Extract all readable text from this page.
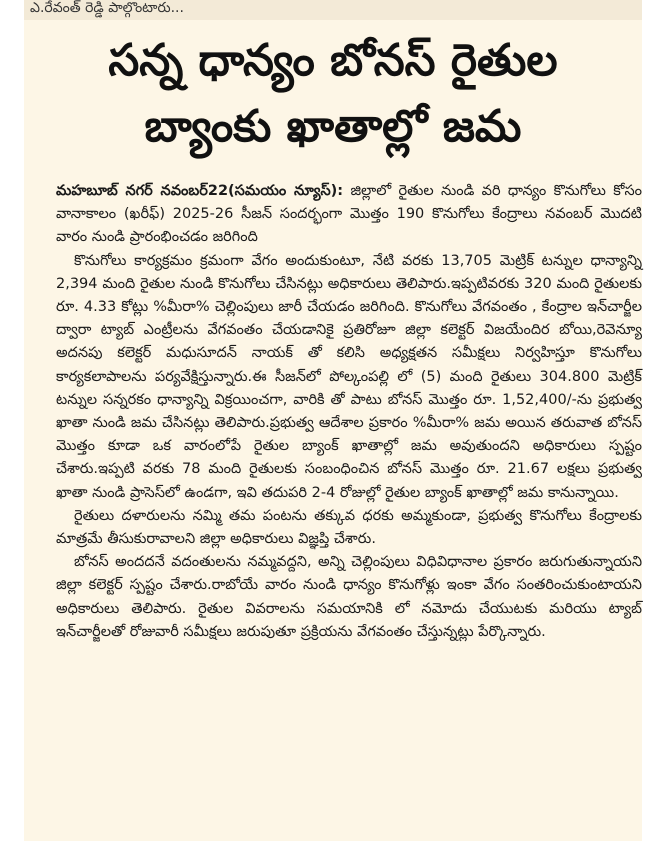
ఎ.రేవంత్ రెడ్డి పాల్గొంటారు...
సన్న ధాన్యం బోనస్ రైతుల
బ్యాంకు ఖాతాల్లో జమ

మహబూబ్ నగర్ నవంబర్22(సమయం న్యూస్): జిల్లాలో రైతుల నుండి వరి ధాన్యం కొనుగోలు కోసం వానాకాలం (ఖరీఫ్) 2025-26 సీజన్ సందర్భంగా మొత్తం 190 కొనుగోలు కేంద్రాలు నవంబర్ మొదటి వారం నుండి ప్రారంభించడం జరిగింది

కొనుగోలు కార్యక్రమం క్రమంగా వేగం అందుకుంటూ, నేటి వరకు 13,705 మెట్రిక్ టన్నుల ధాన్యాన్ని 2,394 మంది రైతుల నుండి కొనుగోలు చేసినట్లు అధికారులు తెలిపారు.ఇప్పటివరకు 320 మంది రైతులకు రూ. 4.33 కోట్లు %మీరా% చెల్లింపులు జారీ చేయడం జరిగింది. కొనుగోలు వేగవంతం , కేంద్రాల ఇన్‌చార్జీల ద్వారా ట్యాబ్ ఎంట్రీలను వేగవంతం చేయడానికై ప్రతిరోజూ జిల్లా కలెక్టర్ విజయేందిర బోయి,రెవెన్యూ అదనపు కలెక్టర్ మధుసూదన్ నాయక్ తో కలిసి అధ్యక్షతన సమీక్షలు నిర్వహిస్తూ కొనుగోలు కార్యకలాపాలను పర్యవేక్షిస్తున్నారు.ఈ సీజన్‌లో పోల్కంపల్లి లో (5) మంది రైతులు 304.800 మెట్రిక్ టన్నుల సన్నరకం ధాన్యాన్ని విక్రయించగా, వారికి తో పాటు బోనస్ మొత్తం రూ. 1,52,400/-ను ప్రభుత్వ ఖాతా నుండి జమ చేసినట్లు తెలిపారు.ప్రభుత్వ ఆదేశాల ప్రకారం %మీరా% జమ అయిన తరువాత బోనస్ మొత్తం కూడా ఒక వారంలోపే రైతుల బ్యాంక్ ఖాతాల్లో జమ అవుతుందని అధికారులు స్పష్టం చేశారు.ఇప్పటి వరకు 78 మంది రైతులకు సంబంధించిన బోనస్ మొత్తం రూ. 21.67 లక్షలు ప్రభుత్వ ఖాతా నుండి ప్రాసెస్‌లో ఉండగా, ఇవి తదుపరి 2-4 రోజుల్లో రైతుల బ్యాంక్ ఖాతాల్లో జమ కానున్నాయి.

రైతులు దళారులను నమ్మి తమ పంటను తక్కువ ధరకు అమ్మకుండా, ప్రభుత్వ కొనుగోలు కేంద్రాలకు మాత్రమే తీసుకురావాలని జిల్లా అధికారులు విజ్ఞప్తి చేశారు.

బోనస్ అందదనే వదంతులను నమ్మవద్దని, అన్ని చెల్లింపులు విధివిధానాల ప్రకారం జరుగుతున్నాయని జిల్లా కలెక్టర్ స్పష్టం చేశారు.రాబోయే వారం నుండి ధాన్యం కొనుగోళ్లు ఇంకా వేగం సంతరించుకుంటాయని అధికారులు తెలిపారు. రైతుల వివరాలను సమయానికి లో నమోదు చేయుటకు మరియు ట్యాబ్ ఇన్‌చార్జీలతో రోజువారీ సమీక్షలు జరుపుతూ ప్రక్రియను వేగవంతం చేస్తున్నట్లు పేర్కొన్నారు.
